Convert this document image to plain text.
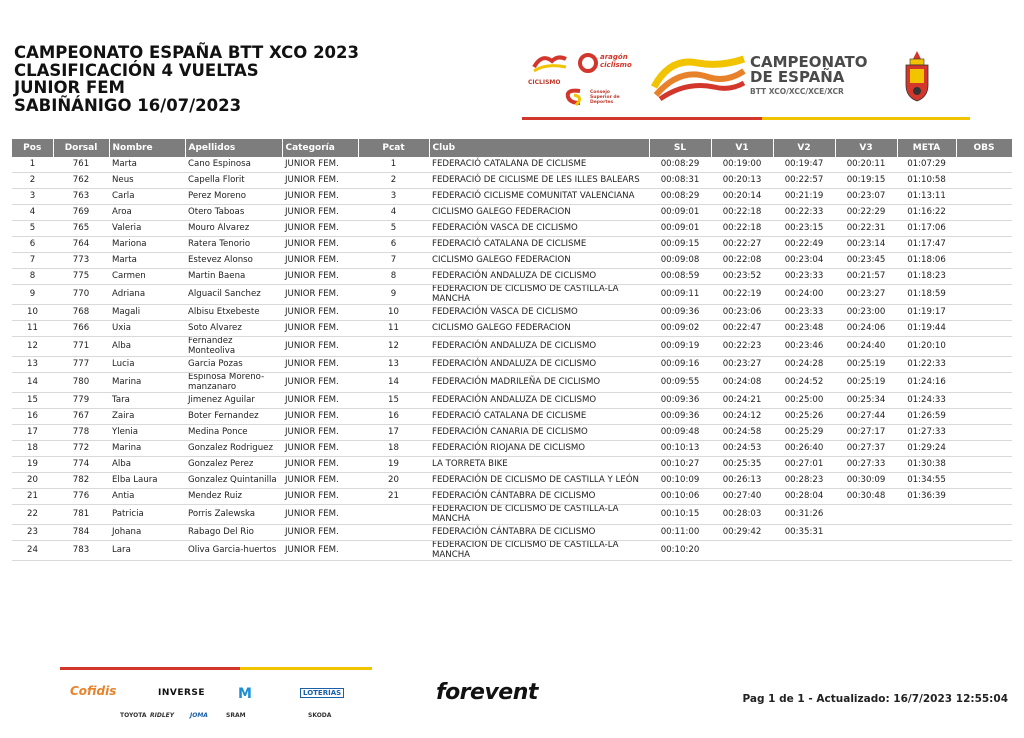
CAMPEONATO ESPAÑA BTT XCO 2023
CLASIFICACIÓN 4 VUELTAS
JUNIOR FEM
SABIÑÁNIGO 16/07/2023
CICLISMO
aragón ciclismo
Consejo Superior de Deportes
CAMPEONATO
DE ESPAÑA
BTT XCO/XCC/XCE/XCR
Pos	Dorsal	Nombre	Apellidos	Categoría	Pcat	Club	SL	V1	V2	V3	META	OBS
1	761	Marta	Cano Espinosa	JUNIOR FEM.	1	FEDERACIÓ CATALANA DE CICLISME	00:08:29	00:19:00	00:19:47	00:20:11	01:07:29	
2	762	Neus	Capella Florit	JUNIOR FEM.	2	FEDERACIÓ DE CICLISME DE LES ILLES BALEARS	00:08:31	00:20:13	00:22:57	00:19:15	01:10:58	
3	763	Carla	Perez Moreno	JUNIOR FEM.	3	FEDERACIÓ CICLISME COMUNITAT VALENCIANA	00:08:29	00:20:14	00:21:19	00:23:07	01:13:11	
4	769	Aroa	Otero Taboas	JUNIOR FEM.	4	CICLISMO GALEGO FEDERACION	00:09:01	00:22:18	00:22:33	00:22:29	01:16:22	
5	765	Valeria	Mouro Alvarez	JUNIOR FEM.	5	FEDERACIÓN VASCA DE CICLISMO	00:09:01	00:22:18	00:23:15	00:22:31	01:17:06	
6	764	Mariona	Ratera Tenorio	JUNIOR FEM.	6	FEDERACIÓ CATALANA DE CICLISME	00:09:15	00:22:27	00:22:49	00:23:14	01:17:47	
7	773	Marta	Estevez Alonso	JUNIOR FEM.	7	CICLISMO GALEGO FEDERACION	00:09:08	00:22:08	00:23:04	00:23:45	01:18:06	
8	775	Carmen	Martin Baena	JUNIOR FEM.	8	FEDERACIÓN ANDALUZA DE CICLISMO	00:08:59	00:23:52	00:23:33	00:21:57	01:18:23	
9	770	Adriana	Alguacil Sanchez	JUNIOR FEM.	9	FEDERACIÓN DE CICLISMO DE CASTILLA-LA MANCHA	00:09:11	00:22:19	00:24:00	00:23:27	01:18:59	
10	768	Magali	Albisu Etxebeste	JUNIOR FEM.	10	FEDERACIÓN VASCA DE CICLISMO	00:09:36	00:23:06	00:23:33	00:23:00	01:19:17	
11	766	Uxia	Soto Alvarez	JUNIOR FEM.	11	CICLISMO GALEGO FEDERACION	00:09:02	00:22:47	00:23:48	00:24:06	01:19:44	
12	771	Alba	Fernandez Monteoliva	JUNIOR FEM.	12	FEDERACIÓN ANDALUZA DE CICLISMO	00:09:19	00:22:23	00:23:46	00:24:40	01:20:10	
13	777	Lucia	Garcia Pozas	JUNIOR FEM.	13	FEDERACIÓN ANDALUZA DE CICLISMO	00:09:16	00:23:27	00:24:28	00:25:19	01:22:33	
14	780	Marina	Espinosa Moreno-manzanaro	JUNIOR FEM.	14	FEDERACIÓN MADRILEÑA DE CICLISMO	00:09:55	00:24:08	00:24:52	00:25:19	01:24:16	
15	779	Tara	Jimenez Aguilar	JUNIOR FEM.	15	FEDERACIÓN ANDALUZA DE CICLISMO	00:09:36	00:24:21	00:25:00	00:25:34	01:24:33	
16	767	Zaira	Boter Fernandez	JUNIOR FEM.	16	FEDERACIÓ CATALANA DE CICLISME	00:09:36	00:24:12	00:25:26	00:27:44	01:26:59	
17	778	Ylenia	Medina Ponce	JUNIOR FEM.	17	FEDERACIÓN CANARIA DE CICLISMO	00:09:48	00:24:58	00:25:29	00:27:17	01:27:33	
18	772	Marina	Gonzalez Rodriguez	JUNIOR FEM.	18	FEDERACIÓN RIOJANA DE CICLISMO	00:10:13	00:24:53	00:26:40	00:27:37	01:29:24	
19	774	Alba	Gonzalez Perez	JUNIOR FEM.	19	LA TORRETA BIKE	00:10:27	00:25:35	00:27:01	00:27:33	01:30:38	
20	782	Elba Laura	Gonzalez Quintanilla	JUNIOR FEM.	20	FEDERACIÓN DE CICLISMO DE CASTILLA Y LEÓN	00:10:09	00:26:13	00:28:23	00:30:09	01:34:55	
21	776	Antia	Mendez Ruiz	JUNIOR FEM.	21	FEDERACIÓN CÁNTABRA DE CICLISMO	00:10:06	00:27:40	00:28:04	00:30:48	01:36:39	
22	781	Patricia	Porris Zalewska	JUNIOR FEM.		FEDERACIÓN DE CICLISMO DE CASTILLA-LA MANCHA	00:10:15	00:28:03	00:31:26			
23	784	Johana	Rabago Del Rio	JUNIOR FEM.		FEDERACIÓN CÁNTABRA DE CICLISMO	00:11:00	00:29:42	00:35:31			
24	783	Lara	Oliva Garcia-huertos	JUNIOR FEM.		FEDERACIÓN DE CICLISMO DE CASTILLA-LA MANCHA	00:10:20					
Cofidis	INVERSE M	LOTERÍAS
TOYOTA RIDLEY	JOMA	SRAM	SKODA
forevent	Pag 1 de 1 - Actualizado: 16/7/2023 12:55:04
